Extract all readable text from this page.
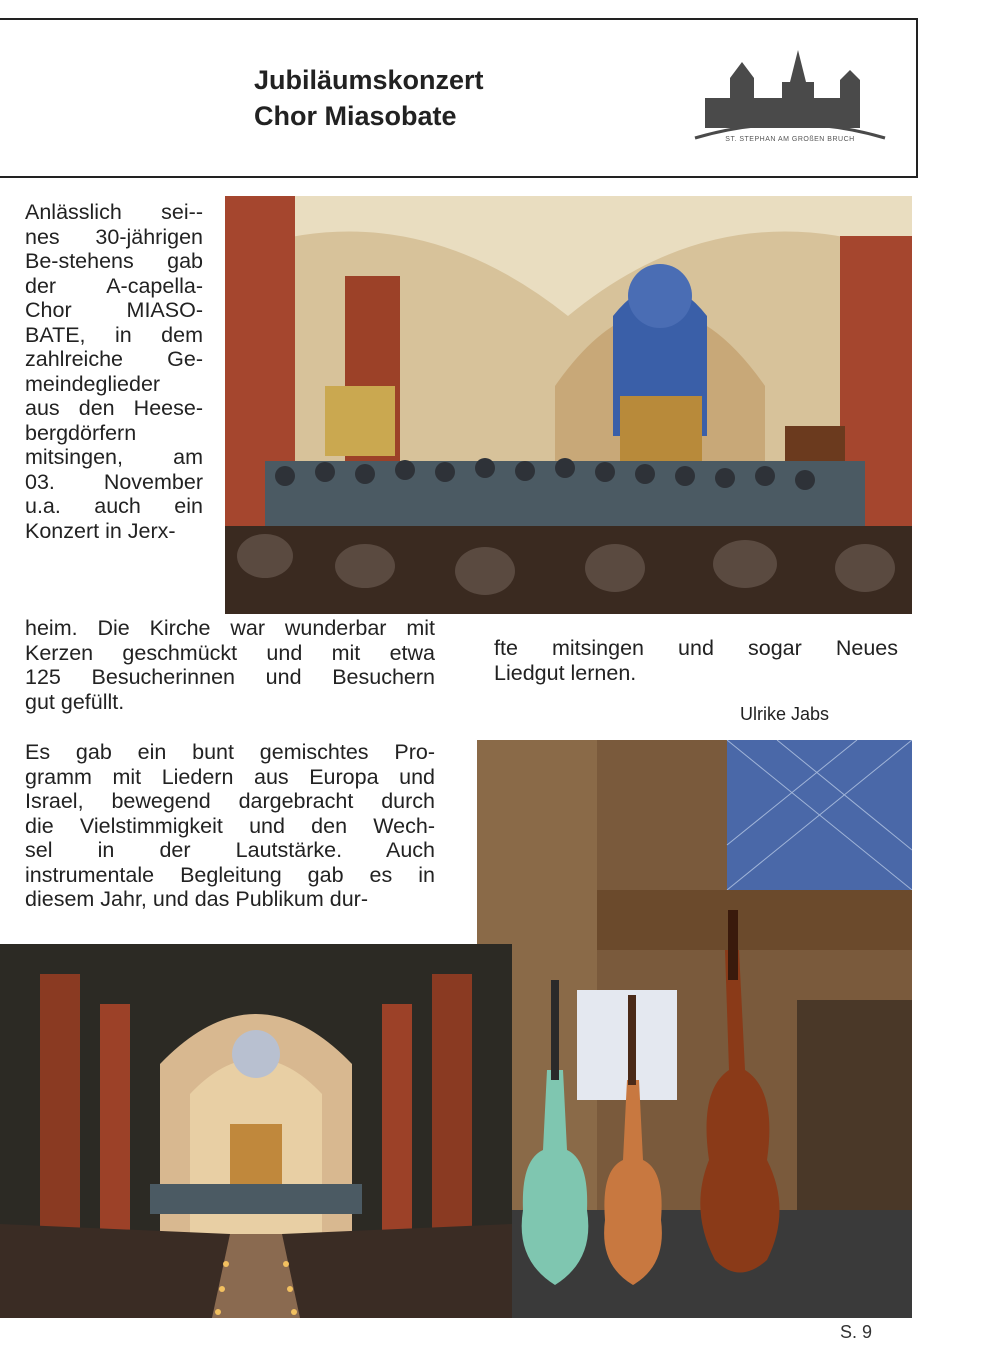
Jubiläumskonzert
Chor Miasobate
ST. STEPHAN AM GROßEN BRUCH
Anlässlich sei--
nes 30-jährigen
Be-stehens gab
der A-capella-
Chor MIASO-
BATE, in dem
zahlreiche Ge-
meindeglieder
aus den Heese-
bergdörfern
mitsingen, am
03. November
u.a. auch ein
Konzert in Jerx-
heim. Die Kirche war wunderbar mit
Kerzen geschmückt und mit etwa
125 Besucherinnen und Besuchern
gut gefüllt.
Es gab ein bunt gemischtes Pro-
gramm mit Liedern aus Europa und
Israel, bewegend dargebracht durch
die Vielstimmigkeit und den Wech-
sel in der Lautstärke. Auch
instrumentale Begleitung gab es in
diesem Jahr, und das Publikum dur-
fte mitsingen und sogar Neues
Liedgut lernen.
Ulrike Jabs
S. 9
